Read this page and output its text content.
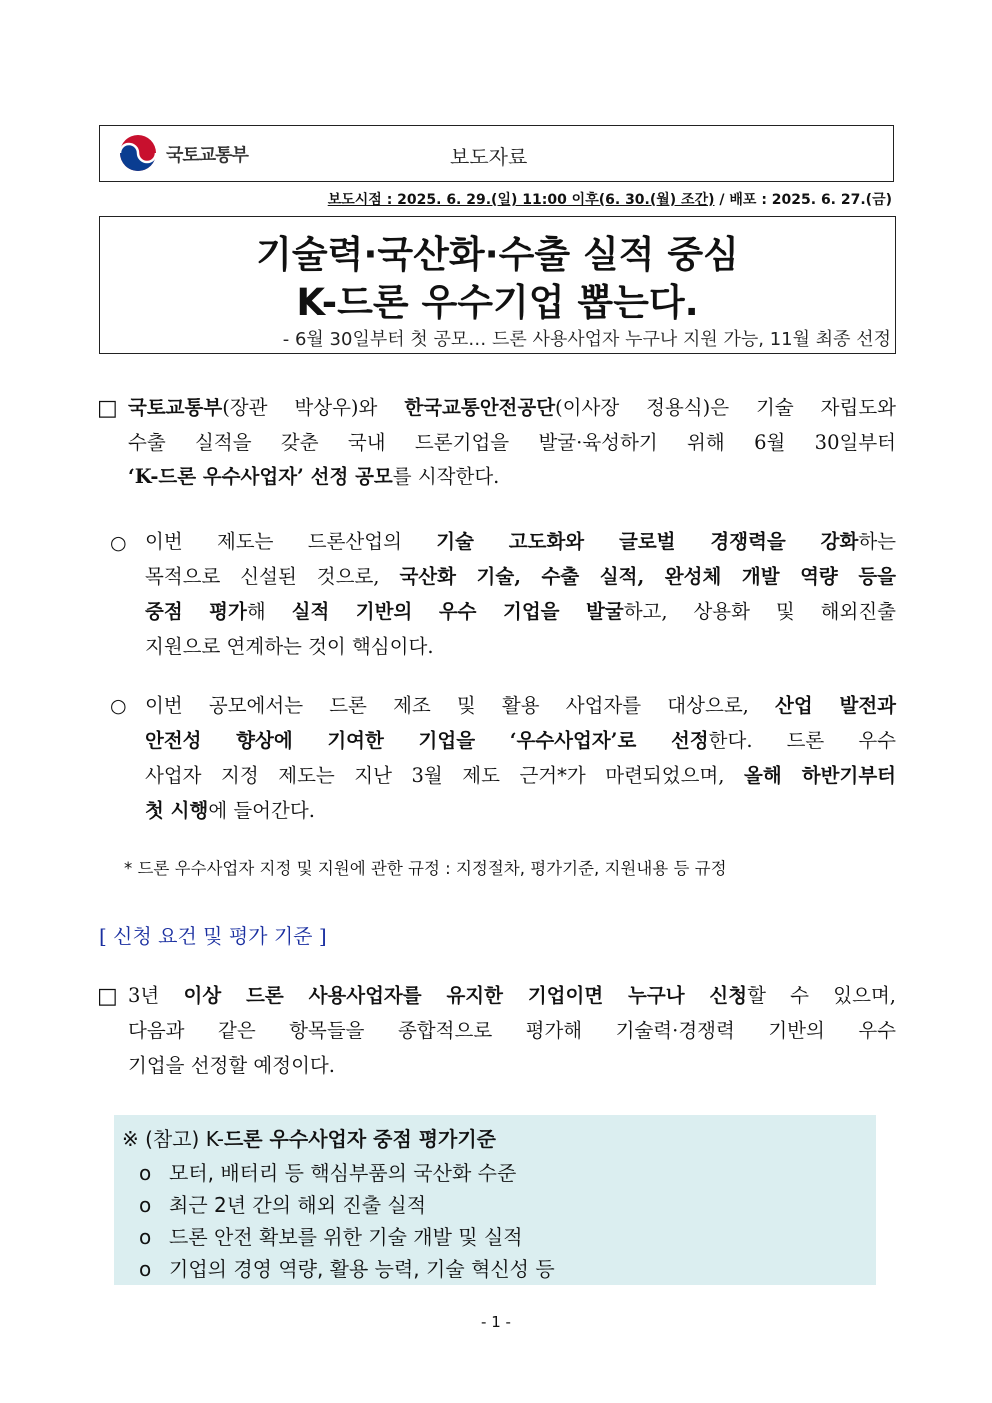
국토교통부	보도자료
보도시점 : 2025. 6. 29.(일) 11:00 이후(6. 30.(월) 조간) / 배포 : 2025. 6. 27.(금)
기술력·국산화·수출 실적 중심
K-드론 우수기업 뽑는다.
- 6월 30일부터 첫 공모… 드론 사용사업자 누구나 지원 가능, 11월 최종 선정
□ 국토교통부(장관 박상우)와 한국교통안전공단(이사장 정용식)은 기술 자립도와
수출 실적을 갖춘 국내 드론기업을 발굴·육성하기 위해 6월 30일부터
‘K-드론 우수사업자’ 선정 공모를 시작한다.
○ 이번 제도는 드론산업의 기술 고도화와 글로벌 경쟁력을 강화하는
목적으로 신설된 것으로, 국산화 기술, 수출 실적, 완성체 개발 역량 등을
중점 평가해 실적 기반의 우수 기업을 발굴하고, 상용화 및 해외진출
지원으로 연계하는 것이 핵심이다.
○ 이번 공모에서는 드론 제조 및 활용 사업자를 대상으로, 산업 발전과
안전성 향상에 기여한 기업을 ‘우수사업자’로 선정한다. 드론 우수
사업자 지정 제도는 지난 3월 제도 근거*가 마련되었으며, 올해 하반기부터
첫 시행에 들어간다.
* 드론 우수사업자 지정 및 지원에 관한 규정 : 지정절차, 평가기준, 지원내용 등 규정
[ 신청 요건 및 평가 기준 ]
□ 3년 이상 드론 사용사업자를 유지한 기업이면 누구나 신청할 수 있으며,
다음과 같은 항목들을 종합적으로 평가해 기술력·경쟁력 기반의 우수
기업을 선정할 예정이다.
※ (참고) K-드론 우수사업자 중점 평가기준
o 모터, 배터리 등 핵심부품의 국산화 수준
o 최근 2년 간의 해외 진출 실적
o 드론 안전 확보를 위한 기술 개발 및 실적
o 기업의 경영 역량, 활용 능력, 기술 혁신성 등
- 1 -
